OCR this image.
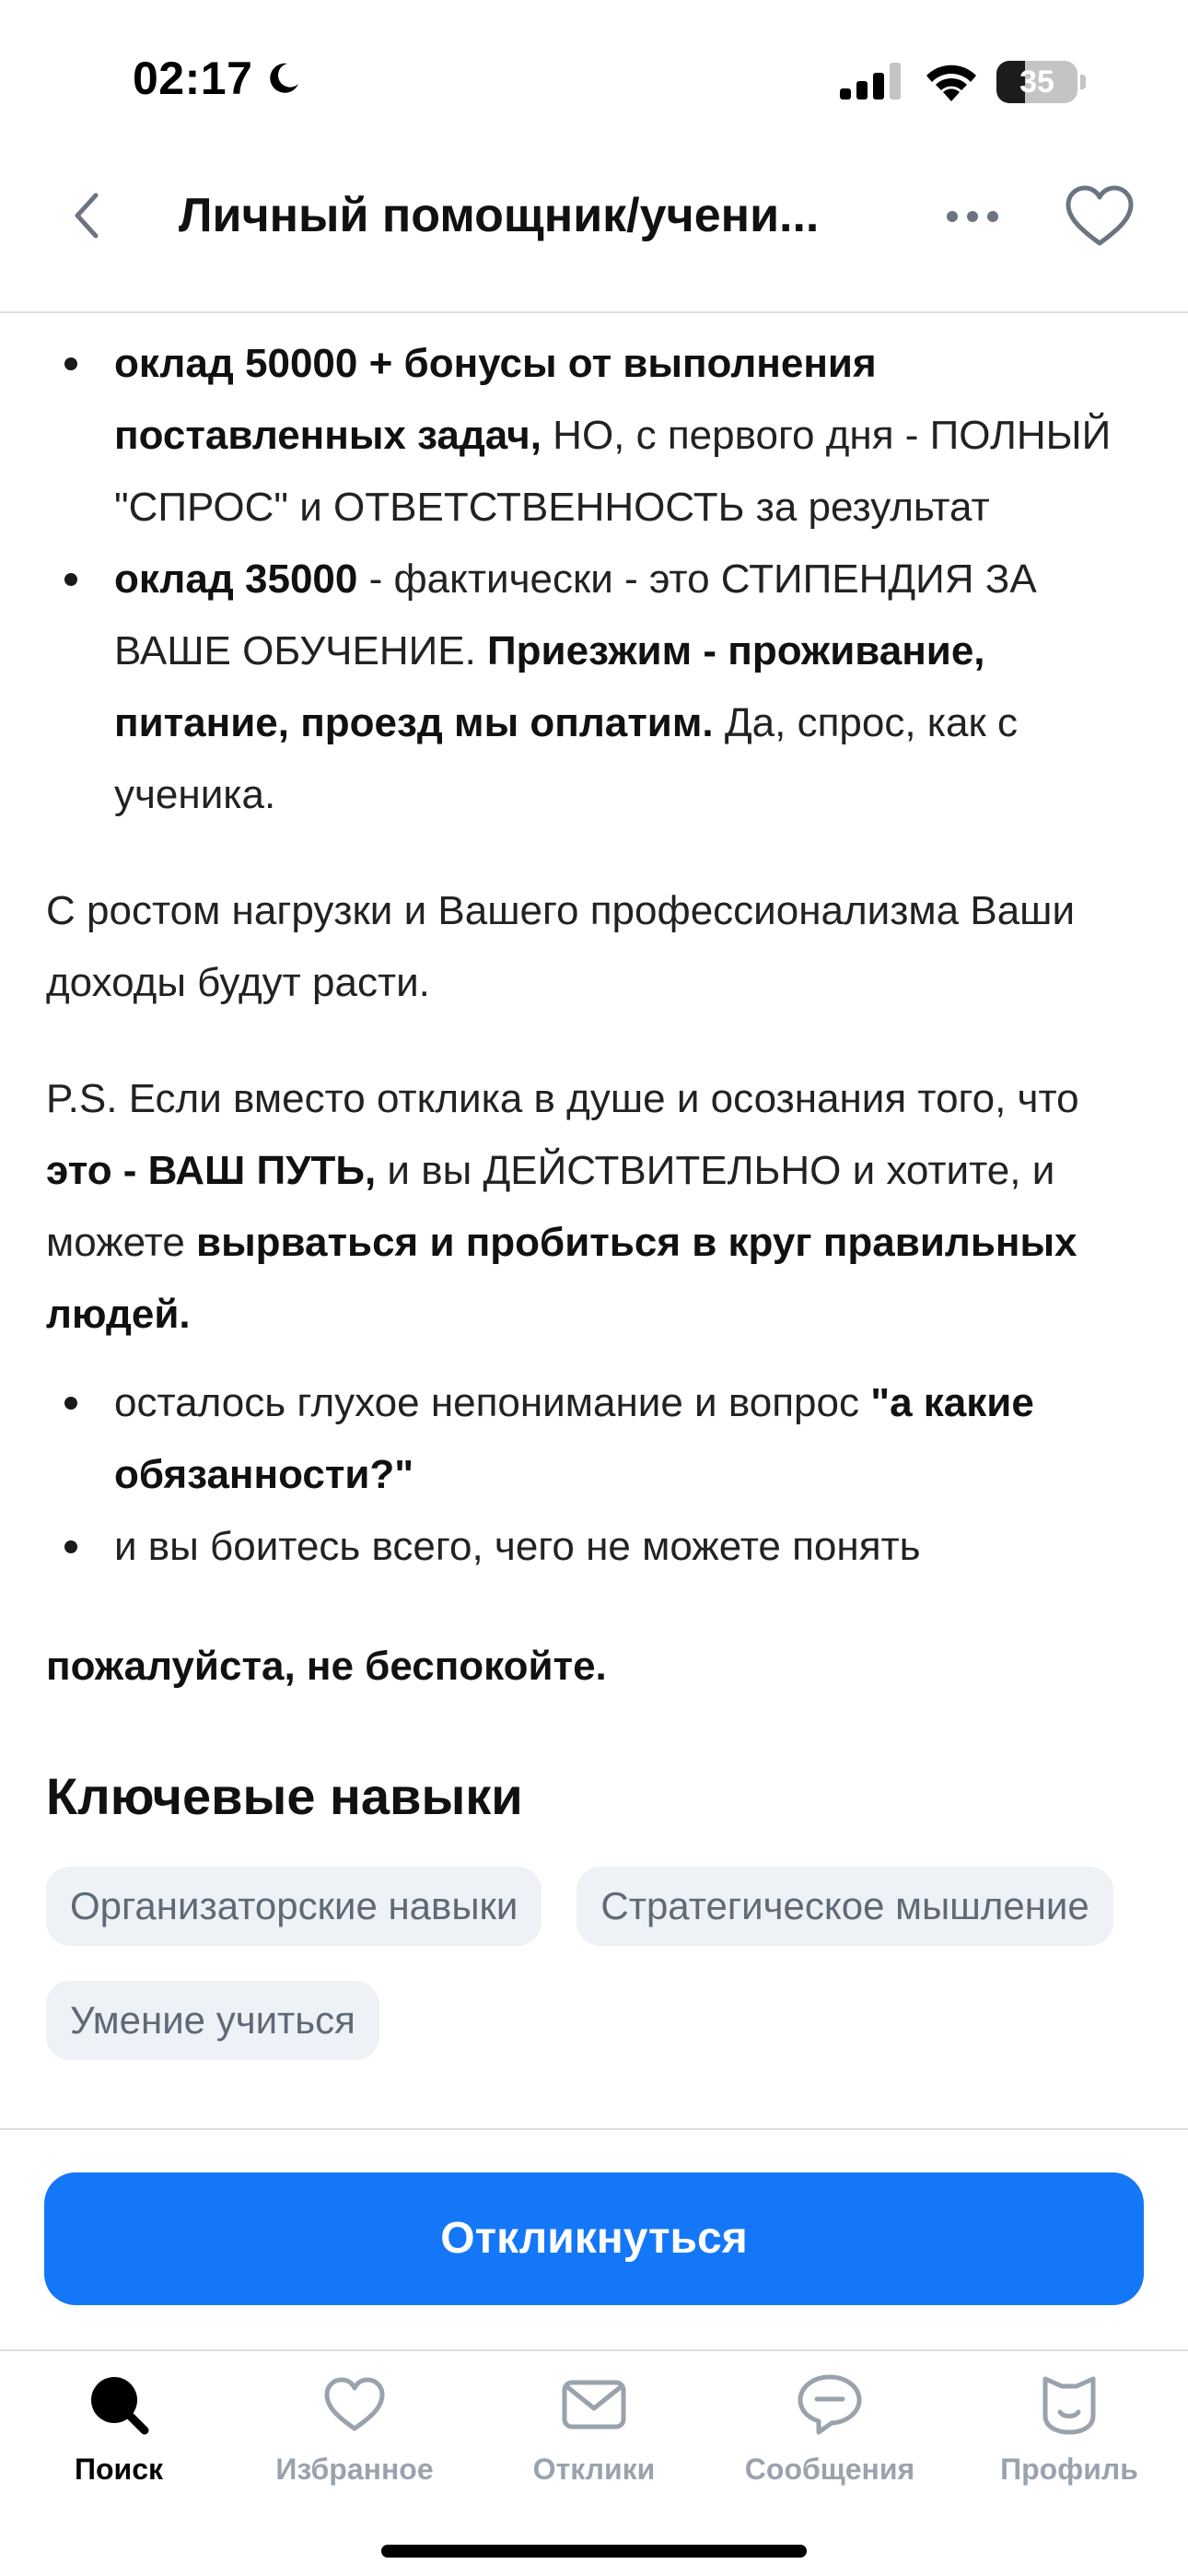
02:17	35
Личный помощник/учени...
оклад 50000 + бонусы от выполнения поставленных задач, НО, с первого дня - ПОЛНЫЙ "СПРОС" и ОТВЕТСТВЕННОСТЬ за результат
оклад 35000 - фактически - это СТИПЕНДИЯ ЗА ВАШЕ ОБУЧЕНИЕ. Приезжим - проживание, питание, проезд мы оплатим. Да, спрос, как с ученика.

С ростом нагрузки и Вашего профессионализма Ваши доходы будут расти.

P.S. Если вместо отклика в душе и осознания того, что это - ВАШ ПУТЬ, и вы ДЕЙСТВИТЕЛЬНО и хотите, и можете вырваться и пробиться в круг правильных людей.

осталось глухое непонимание и вопрос "а какие обязанности?"
и вы боитесь всего, чего не можете понять

пожалуйста, не беспокойте.

Ключевые навыки
Организаторские навыки	Стратегическое мышление
Умение учиться
Откликнуться
Поиск	Избранное	Отклики	Сообщения	Профиль
